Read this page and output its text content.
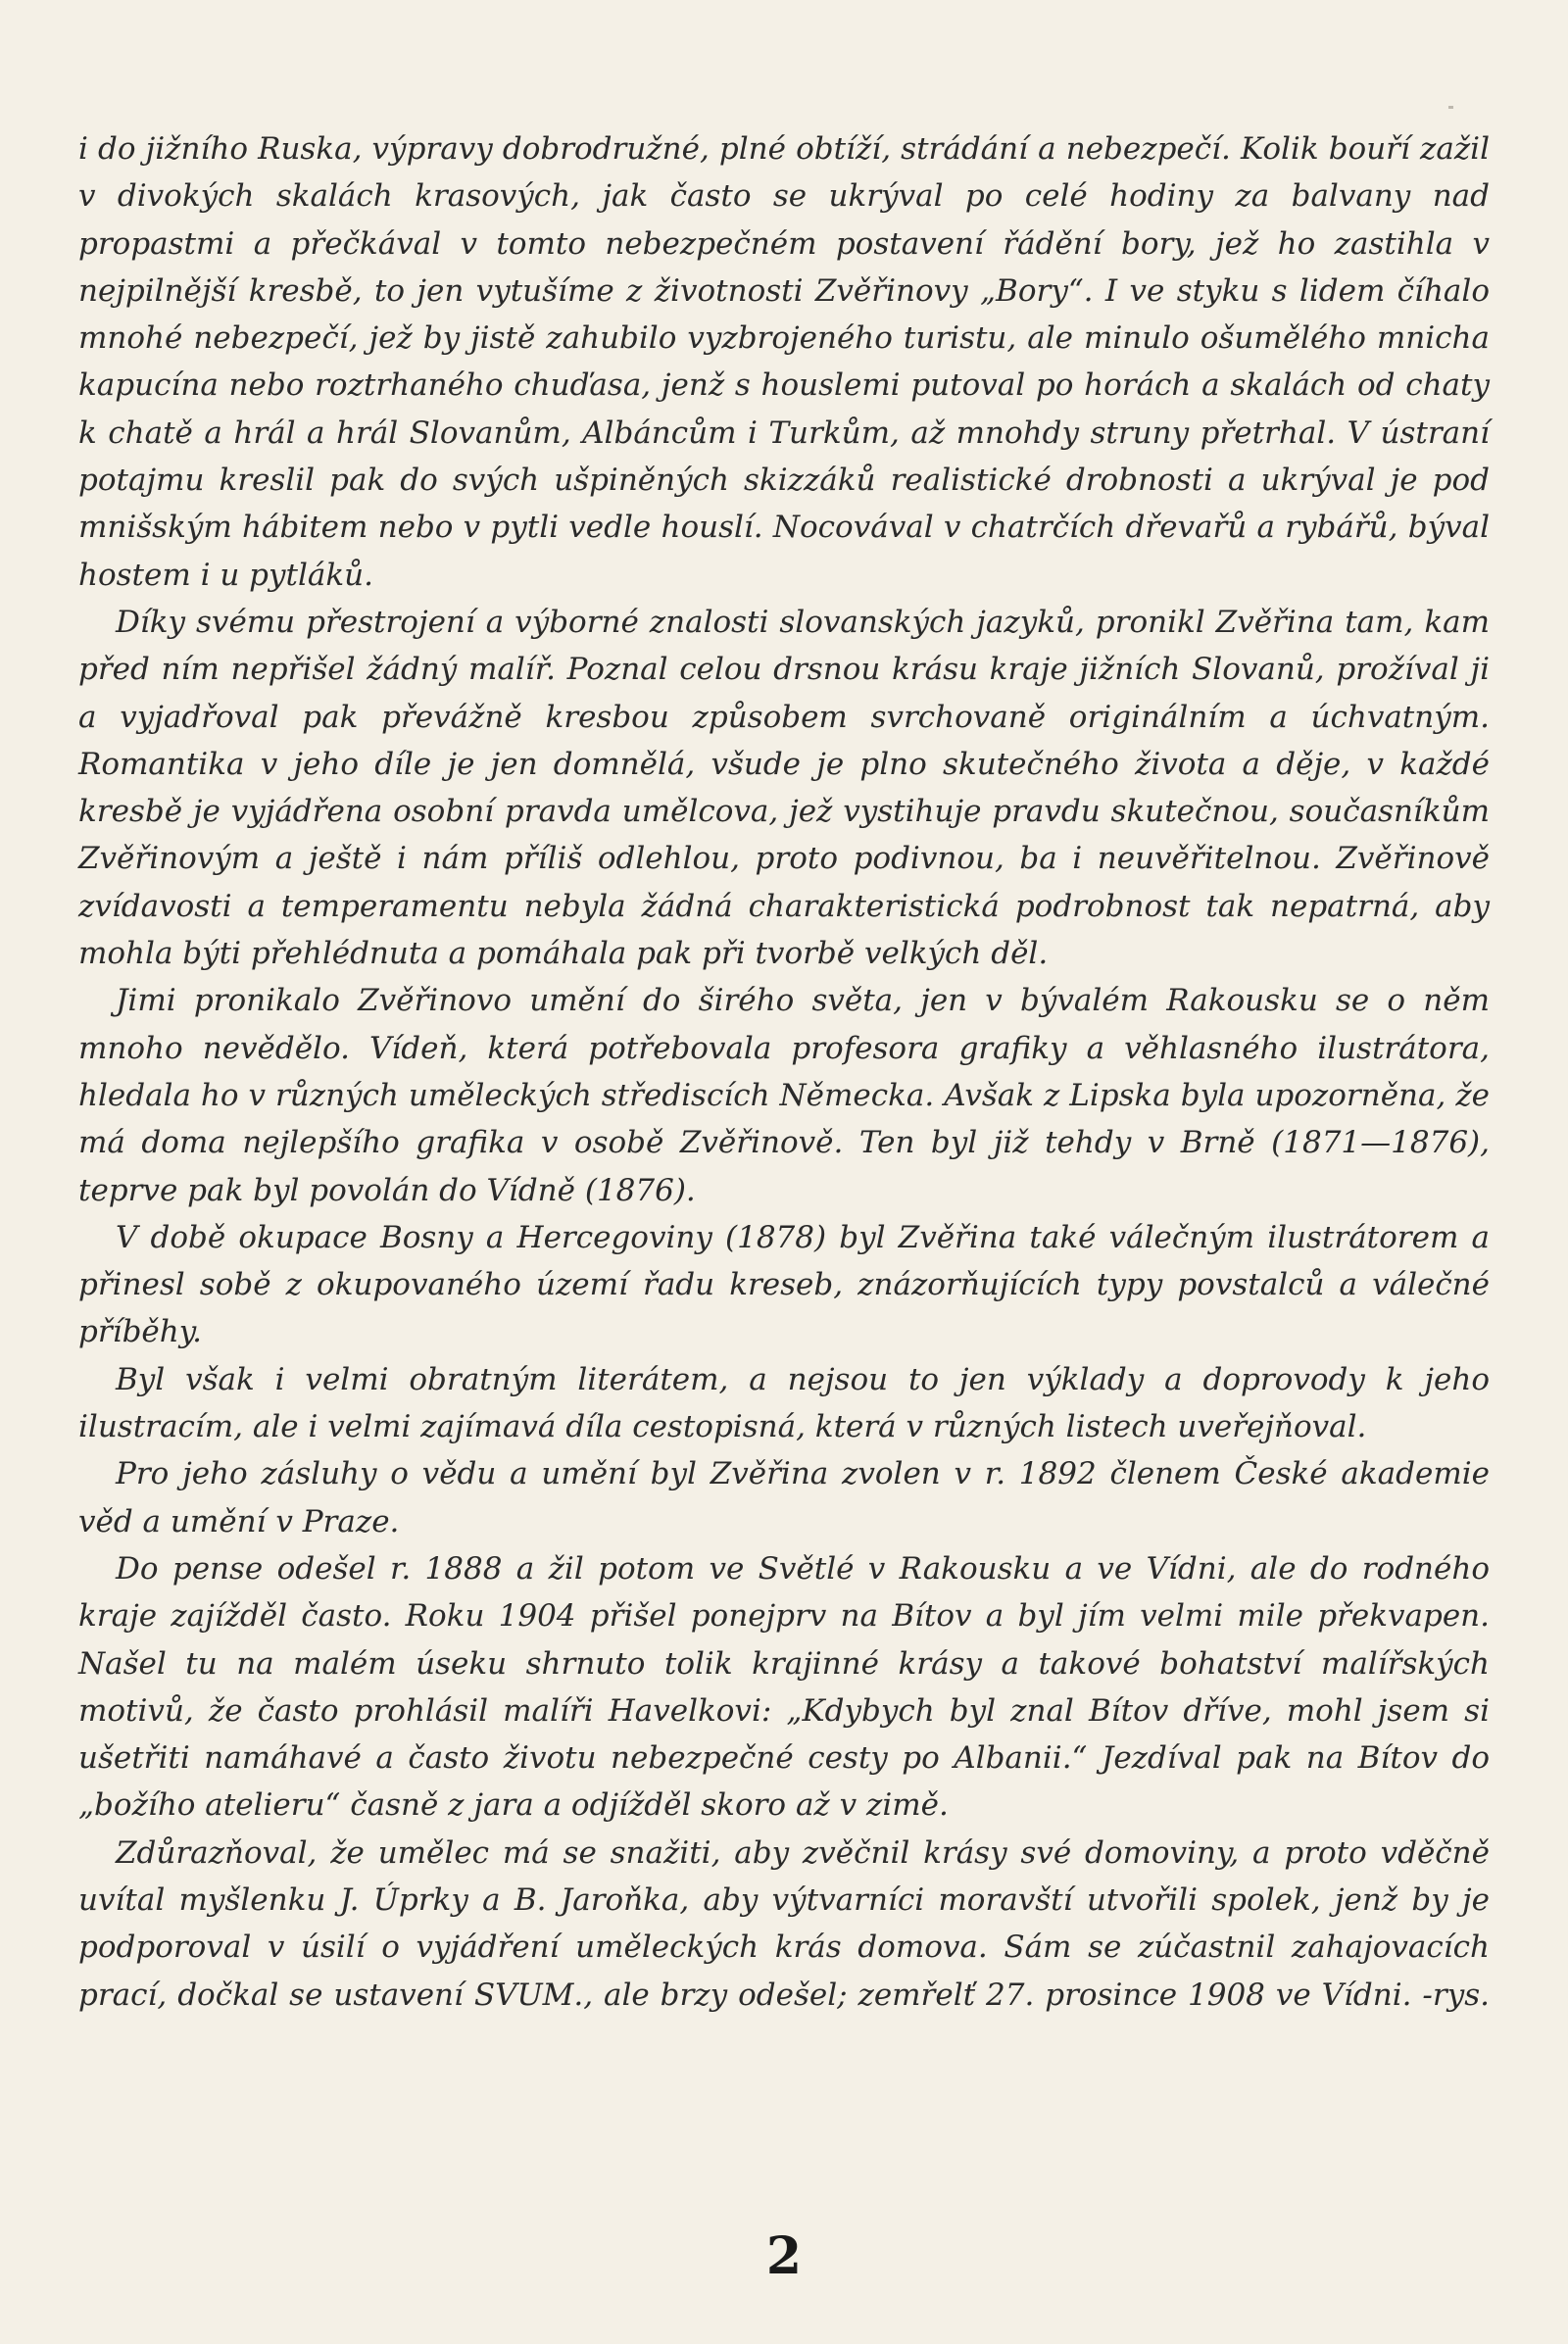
i do jižního Ruska, výpravy dobrodružné, plné obtíží, strádání a nebezpečí. Kolik bouří zažil v divokých skalách krasových, jak často se ukrýval po celé hodiny za balvany nad propastmi a přečkával v tomto nebezpečném postavení řádění bory, jež ho zastihla v nejpilnější kresbě, to jen vytušíme z životnosti Zvěřinovy „Bory“. I ve styku s lidem číhalo mnohé nebezpečí, jež by jistě zahubilo vyzbrojeného turistu, ale minulo ošumělého mnicha kapucína nebo roztrhaného chuďasa, jenž s houslemi putoval po horách a skalách od chaty k chatě a hrál a hrál Slovanům, Albáncům i Turkům, až mnohdy struny přetrhal. V ústraní potajmu kreslil pak do svých ušpiněných skizzáků realistické drobnosti a ukrýval je pod mnišským hábitem nebo v pytli vedle houslí. Nocovával v chatrčích dřevařů a rybářů, býval hostem i u pytláků.

Díky svému přestrojení a výborné znalosti slovanských jazyků, pronikl Zvěřina tam, kam před ním nepřišel žádný malíř. Poznal celou drsnou krásu kraje jižních Slovanů, prožíval ji a vyjadřoval pak převážně kresbou způsobem svrchovaně originálním a úchvatným. Romantika v jeho díle je jen domnělá, všude je plno skutečného života a děje, v každé kresbě je vyjádřena osobní pravda umělcova, jež vystihuje pravdu skutečnou, současníkům Zvěřinovým a ještě i nám příliš odlehlou, proto podivnou, ba i neuvěřitelnou. Zvěřinově zvídavosti a temperamentu nebyla žádná charakteristická podrobnost tak nepatrná, aby mohla býti přehlédnuta a pomáhala pak při tvorbě velkých děl.

Jimi pronikalo Zvěřinovo umění do širého světa, jen v bývalém Rakousku se o něm mnoho nevědělo. Vídeň, která potřebovala profesora grafiky a věhlasného ilustrátora, hledala ho v různých uměleckých střediscích Německa. Avšak z Lipska byla upozorněna, že má doma nejlepšího grafika v osobě Zvěřinově. Ten byl již tehdy v Brně (1871—1876), teprve pak byl povolán do Vídně (1876).

V době okupace Bosny a Hercegoviny (1878) byl Zvěřina také válečným ilustrátorem a přinesl sobě z okupovaného území řadu kreseb, znázorňujících typy povstalců a válečné příběhy.

Byl však i velmi obratným literátem, a nejsou to jen výklady a doprovody k jeho ilustracím, ale i velmi zajímavá díla cestopisná, která v různých listech uveřejňoval.

Pro jeho zásluhy o vědu a umění byl Zvěřina zvolen v r. 1892 členem České akademie věd a umění v Praze.

Do pense odešel r. 1888 a žil potom ve Světlé v Rakousku a ve Vídni, ale do rodného kraje zajížděl často. Roku 1904 přišel ponejprv na Bítov a byl jím velmi mile překvapen. Našel tu na malém úseku shrnuto tolik krajinné krásy a takové bohatství malířských motivů, že často prohlásil malíři Havelkovi: „Kdybych byl znal Bítov dříve, mohl jsem si ušetřiti namáhavé a často životu nebezpečné cesty po Albanii.“ Jezdíval pak na Bítov do „božího atelieru“ časně z jara a odjížděl skoro až v zimě.

Zdůrazňoval, že umělec má se snažiti, aby zvěčnil krásy své domoviny, a proto vděčně uvítal myšlenku J. Úprky a B. Jaroňka, aby výtvarníci moravští utvořili spolek, jenž by je podporoval v úsilí o vyjádření uměleckých krás domova. Sám se zúčastnil zahajovacích prací, dočkal se ustavení SVUM., ale brzy odešel; zemřelť 27. prosince 1908 ve Vídni. -rys.

2
